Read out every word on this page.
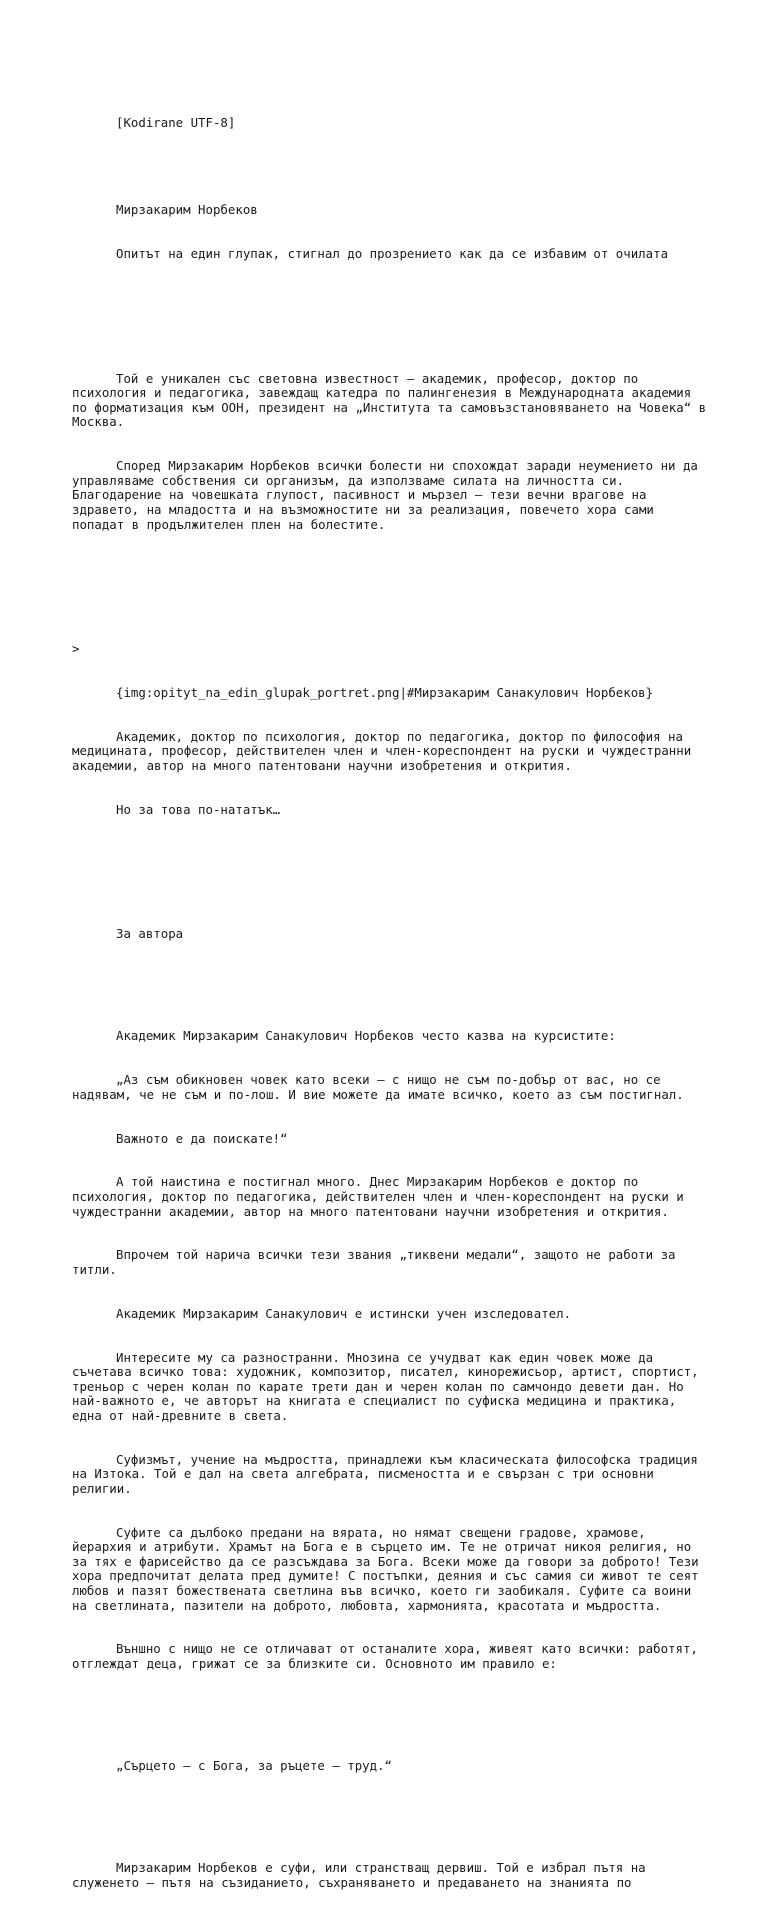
[Kodirane UTF-8]

Мирзакарим Норбеков

Опитът на един глупак, стигнал до прозрението как да се избавим от очилата

Той е уникален със световна известност — академик, професор, доктор по психология и педагогика, завеждащ катедра по палингенезия в Международната академия по форматизация към ООН, президент на „Института та самовъзстановяването на Човека“ в Москва.

Според Мирзакарим Норбеков всички болести ни спохождат заради неумението ни да управляваме собствения си организъм, да използваме силата на личността си. Благодарение на човешката глупост, пасивност и мързел — тези вечни врагове на здравето, на младостта и на възможностите ни за реализация, повечето хора сами попадат в продължителен плен на болестите.

>

{img:opityt_na_edin_glupak_portret.png|#Мирзакарим Санакулович Норбеков}

Академик, доктор по психология, доктор по педагогика, доктор по философия на медицината, професор, действителен член и член-кореспондент на руски и чуждестранни академии, автор на много патентовани научни изобретения и открития.

Но за това по-нататък…

За автора

Академик Мирзакарим Санакулович Норбеков често казва на курсистите:

„Аз съм обикновен човек като всеки — с нищо не съм по-добър от вас, но се надявам, че не съм и по-лош. И вие можете да имате всичко, което аз съм постигнал.

Важното е да поискате!“

А той наистина е постигнал много. Днес Мирзакарим Норбеков е доктор по психология, доктор по педагогика, действителен член и член-кореспондент на руски и чуждестранни академии, автор на много патентовани научни изобретения и открития.

Впрочем той нарича всички тези звания „тиквени медали“, защото не работи за титли.

Академик Мирзакарим Санакулович е истински учен изследовател.

Интересите му са разностранни. Мнозина се учудват как един човек може да съчетава всичко това: художник, композитор, писател, кинорежисьор, артист, спортист, треньор с черен колан по карате трети дан и черен колан по самчондо девети дан. Но най-важното е, че авторът на книгата е специалист по суфиска медицина и практика, една от най-древните в света.

Суфизмът, учение на мъдростта, принадлежи към класическата философска традиция на Изтока. Той е дал на света алгебрата, писмеността и е свързан с три основни религии.

Суфите са дълбоко предани на вярата, но нямат свещени градове, храмове, йерархия и атрибути. Храмът на Бога е в сърцето им. Те не отричат никоя религия, но за тях е фарисейство да се разсъждава за Бога. Всеки може да говори за доброто! Тези хора предпочитат делата пред думите! С постъпки, деяния и със самия си живот те сеят любов и пазят божествената светлина във всичко, което ги заобикаля. Суфите са воини на светлината, пазители на доброто, любовта, хармонията, красотата и мъдростта.

Външно с нищо не се отличават от останалите хора, живеят като всички: работят, отглеждат деца, грижат се за близките си. Основното им правило е:

„Сърцето — с Бога, за ръцете — труд.“

Мирзакарим Норбеков е суфи, или странстващ дервиш. Той е избрал пътя на служенето — пътя на съзиданието, съхраняването и предаването на знанията по
